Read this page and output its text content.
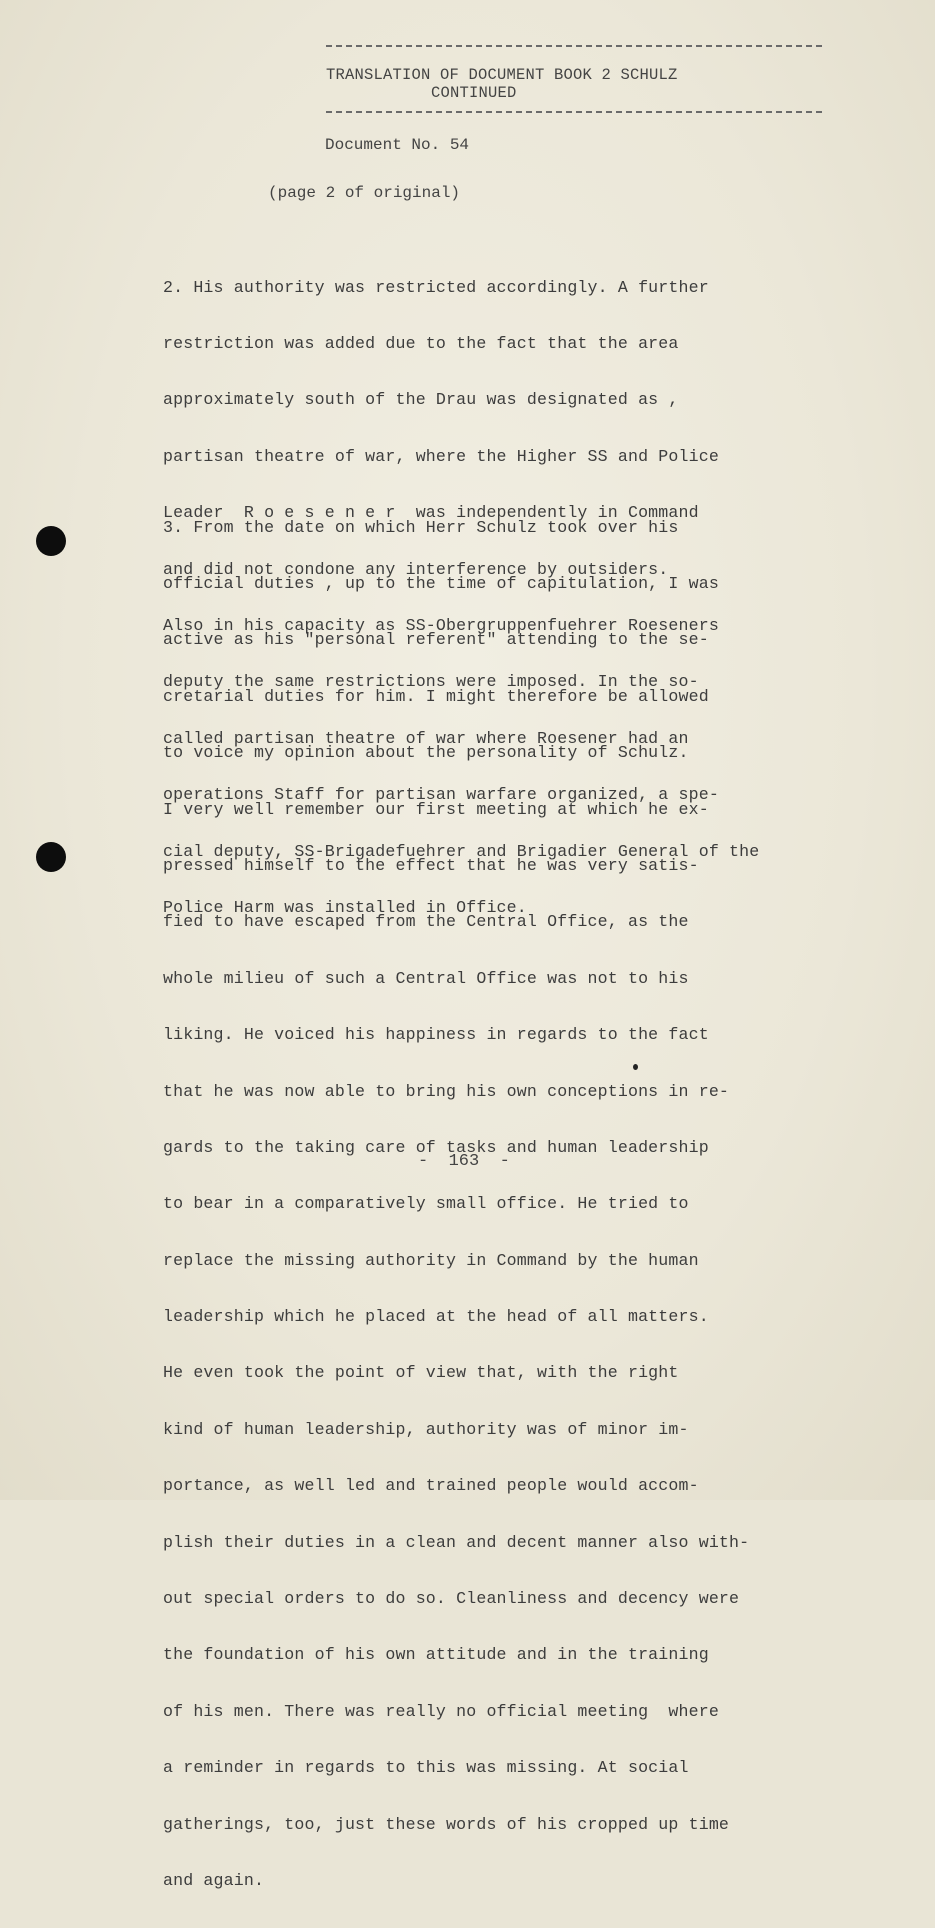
TRANSLATION OF DOCUMENT BOOK 2 SCHULZ
CONTINUED
Document No. 54
(page 2 of original)

2. His authority was restricted accordingly. A further

restriction was added due to the fact that the area

approximately south of the Drau was designated as ,

partisan theatre of war, where the Higher SS and Police

Leader  R o e s e n e r  was independently in Command

and did not condone any interference by outsiders.

Also in his capacity as SS-Obergruppenfuehrer Roeseners

deputy the same restrictions were imposed. In the so-

called partisan theatre of war where Roesener had an

operations Staff for partisan warfare organized, a spe-

cial deputy, SS-Brigadefuehrer and Brigadier General of the

Police Harm was installed in Office.

3. From the date on which Herr Schulz took over his

official duties , up to the time of capitulation, I was

active as his "personal referent" attending to the se-

cretarial duties for him. I might therefore be allowed

to voice my opinion about the personality of Schulz.

I very well remember our first meeting at which he ex-

pressed himself to the effect that he was very satis-

fied to have escaped from the Central Office, as the

whole milieu of such a Central Office was not to his

liking. He voiced his happiness in regards to the fact

that he was now able to bring his own conceptions in re-

gards to the taking care of tasks and human leadership

to bear in a comparatively small office. He tried to

replace the missing authority in Command by the human

leadership which he placed at the head of all matters.

He even took the point of view that, with the right

kind of human leadership, authority was of minor im-

portance, as well led and trained people would accom-

plish their duties in a clean and decent manner also with-

out special orders to do so. Cleanliness and decency were

the foundation of his own attitude and in the training

of his men. There was really no official meeting  where

a reminder in regards to this was missing. At social

gatherings, too, just these words of his cropped up time

and again.

-  163  -
